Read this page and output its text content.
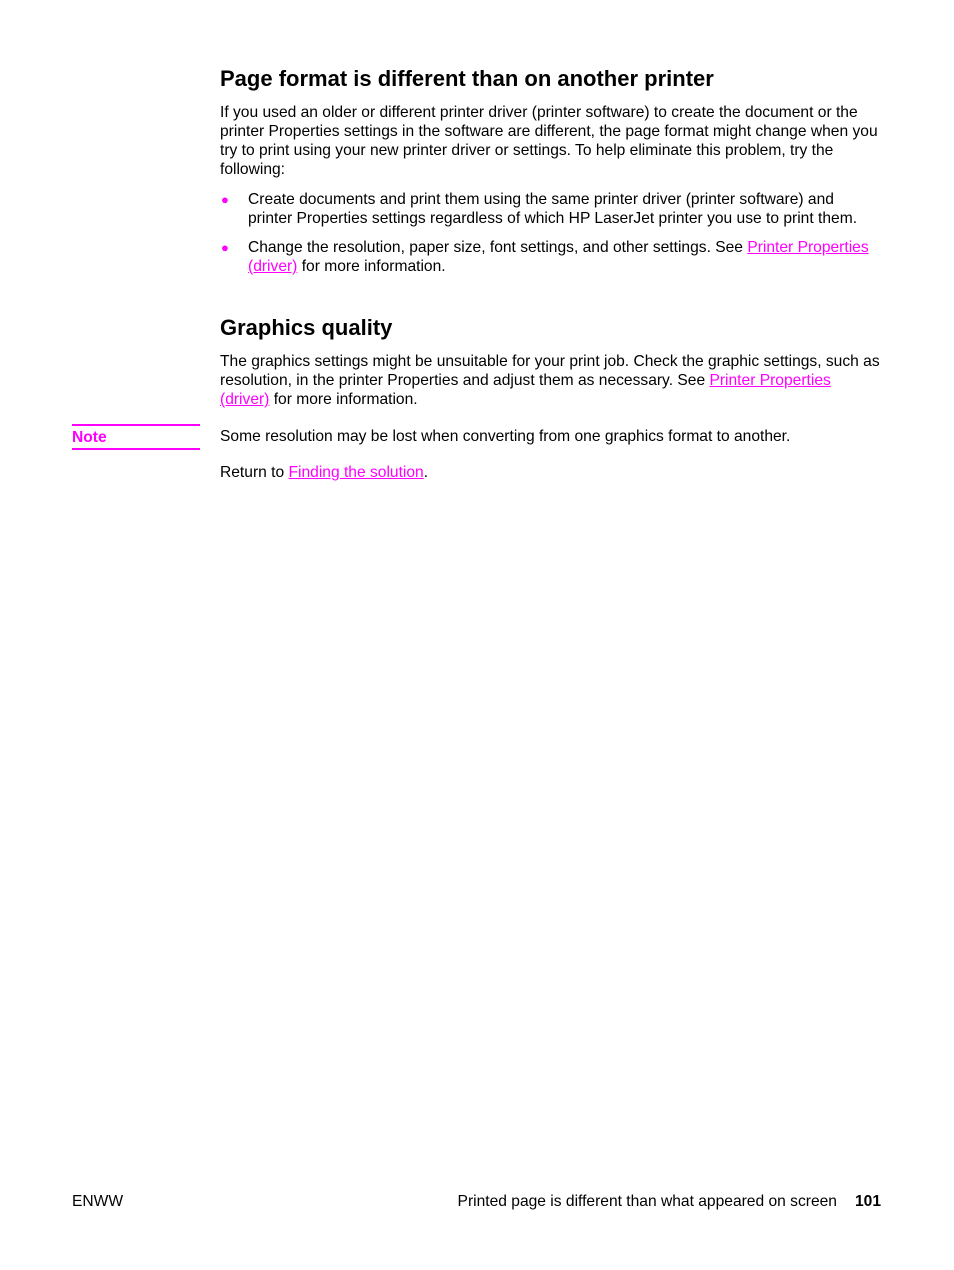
Page format is different than on another printer

If you used an older or different printer driver (printer software) to create the document or the printer Properties settings in the software are different, the page format might change when you try to print using your new printer driver or settings. To help eliminate this problem, try the following:

● Create documents and print them using the same printer driver (printer software) and printer Properties settings regardless of which HP LaserJet printer you use to print them.
● Change the resolution, paper size, font settings, and other settings. See Printer Properties (driver) for more information.
Graphics quality

The graphics settings might be unsuitable for your print job. Check the graphic settings, such as resolution, in the printer Properties and adjust them as necessary. See Printer Properties (driver) for more information.

Note	Some resolution may be lost when converting from one graphics format to another.

Return to Finding the solution.

ENWW	Printed page is different than what appeared on screen 101
